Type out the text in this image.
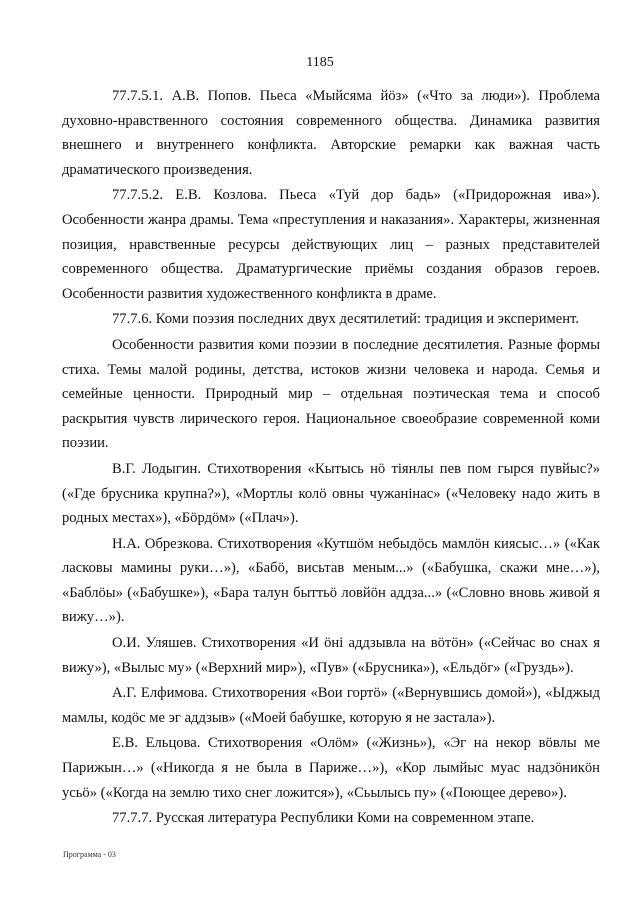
1185

77.7.5.1. А.В. Попов. Пьеса «Мыйсяма йöз» («Что за люди»). Проблема духовно-нравственного состояния современного общества. Динамика развития внешнего и внутреннего конфликта. Авторские ремарки как важная часть драматического произведения.

77.7.5.2. Е.В. Козлова. Пьеса «Туй дор бадь» («Придорожная ива»). Особенности жанра драмы. Тема «преступления и наказания». Характеры, жизненная позиция, нравственные ресурсы действующих лиц – разных представителей современного общества. Драматургические приёмы создания образов героев. Особенности развития художественного конфликта в драме.

77.7.6. Коми поэзия последних двух десятилетий: традиция и эксперимент.

Особенности развития коми поэзии в последние десятилетия. Разные формы стиха. Темы малой родины, детства, истоков жизни человека и народа. Семья и семейные ценности. Природный мир – отдельная поэтическая тема и способ раскрытия чувств лирического героя. Национальное своеобразие современной коми поэзии.

В.Г. Лодыгин. Стихотворения «Кытысь нö тiянлы пев пом гырся пувйыс?» («Где брусника крупна?»), «Мортлы колö овны чужанiнас» («Человеку надо жить в родных местах»), «Бöрдöм» («Плач»).

Н.А. Обрезкова. Стихотворения «Кутшöм небыдöсь мамлöн киясыс…» («Как ласковы мамины руки…»), «Бабö, висьтав меным...» («Бабушка, скажи мне…»), «Баблöы» («Бабушке»), «Бара талун быттьö ловйöн аддза...» («Словно вновь живой я вижу…»).

О.И. Уляшев. Стихотворения «И öнi аддзывла на вöтöн» («Сейчас во снах я вижу»), «Вылыс му» («Верхний мир»), «Пув» («Брусника»), «Ельдöг» («Груздь»).

А.Г. Елфимова. Стихотворения «Вои гортö» («Вернувшись домой»), «Ыджыд мамлы, кодöс ме эг аддзыв» («Моей бабушке, которую я не застала»).

Е.В. Ельцова. Стихотворения «Олöм» («Жизнь»), «Эг на некор вöвлы ме Парижын…» («Никогда я не была в Париже…»), «Кор лымйыс муас надзöникöн усьö» («Когда на землю тихо снег ложится»), «Сьылысь пу» («Поющее дерево»).

77.7.7. Русская литература Республики Коми на современном этапе.

Программа - 03
